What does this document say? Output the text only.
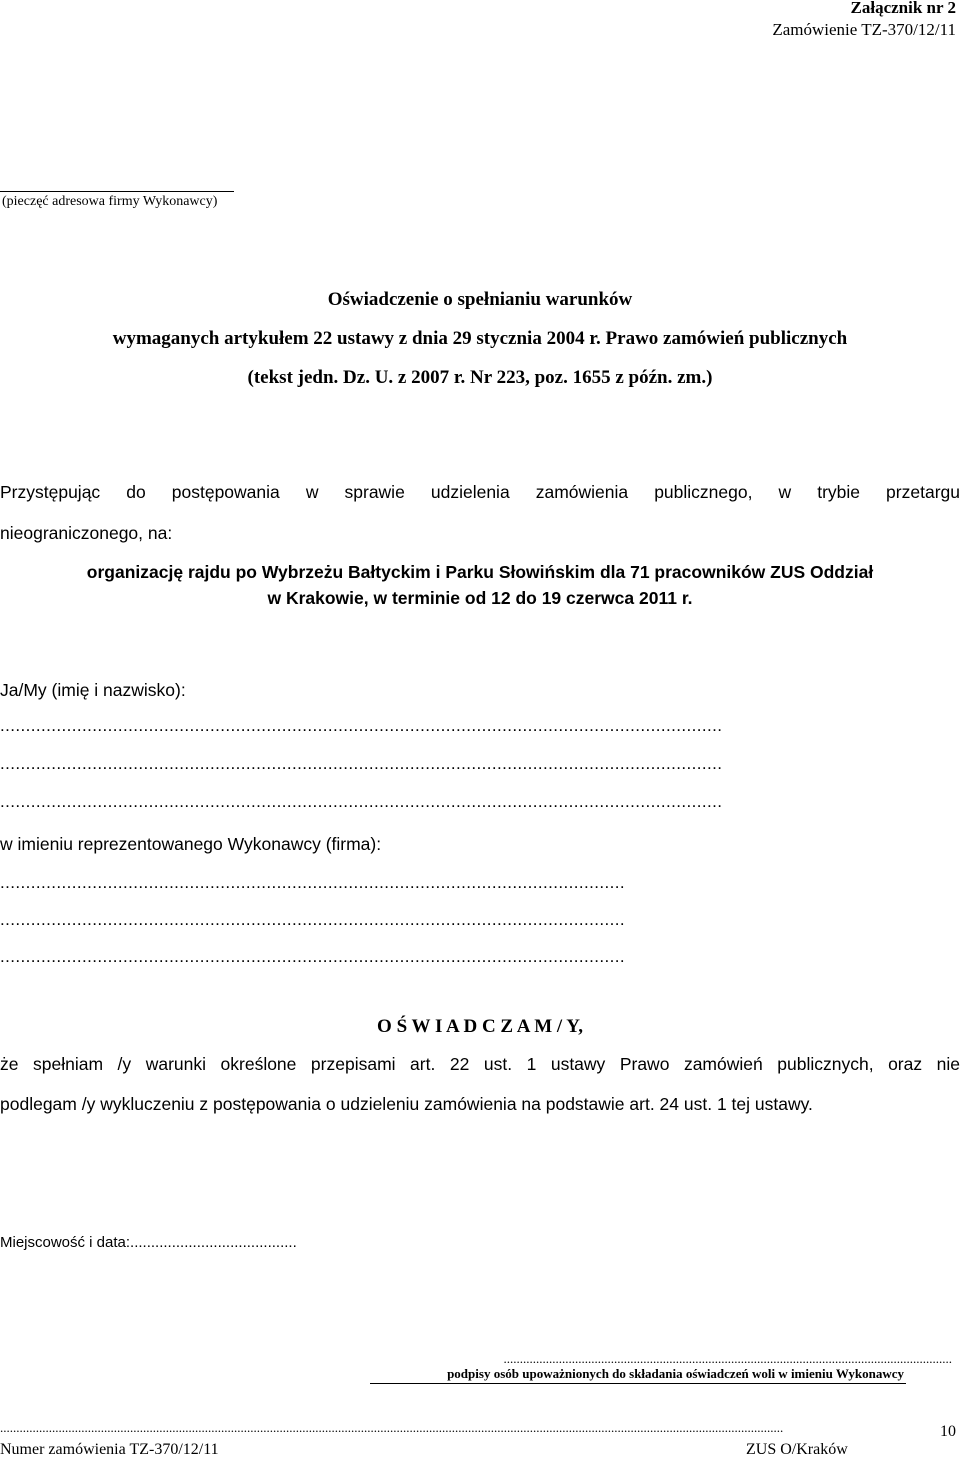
Załącznik nr 2
Zamówienie TZ-370/12/11
(pieczęć adresowa firmy Wykonawcy)
Oświadczenie o spełnianiu warunków
wymaganych artykułem 22 ustawy z dnia 29 stycznia 2004 r. Prawo zamówień publicznych
(tekst jedn. Dz. U. z 2007 r. Nr 223, poz. 1655 z późn. zm.)
Przystępując do postępowania w sprawie udzielenia zamówienia publicznego, w trybie przetargu
nieograniczonego, na:
organizację rajdu po Wybrzeżu Bałtyckim i Parku Słowińskim dla 71 pracowników ZUS Oddział
w Krakowie, w terminie od 12 do 19 czerwca 2011 r.
Ja/My (imię i nazwisko):
.............................................................................................................................................
.............................................................................................................................................
.............................................................................................................................................
w imieniu reprezentowanego Wykonawcy (firma):
..........................................................................................................................
..........................................................................................................................
..........................................................................................................................
O Ś W I A D C Z A M / Y,
że spełniam /y warunki określone przepisami art. 22 ust. 1 ustawy Prawo zamówień publicznych, oraz nie
podlegam /y wykluczeniu z postępowania o udzieleniu zamówienia na podstawie art. 24 ust. 1 tej ustawy.
Miejscowość i data:........................................
..........................................................................................................................................
podpisy osób upoważnionych do składania oświadczeń woli w imieniu Wykonawcy
.................................................................................................................................................................................................................................................	10
Numer zamówienia TZ-370/12/11	ZUS O/Kraków
